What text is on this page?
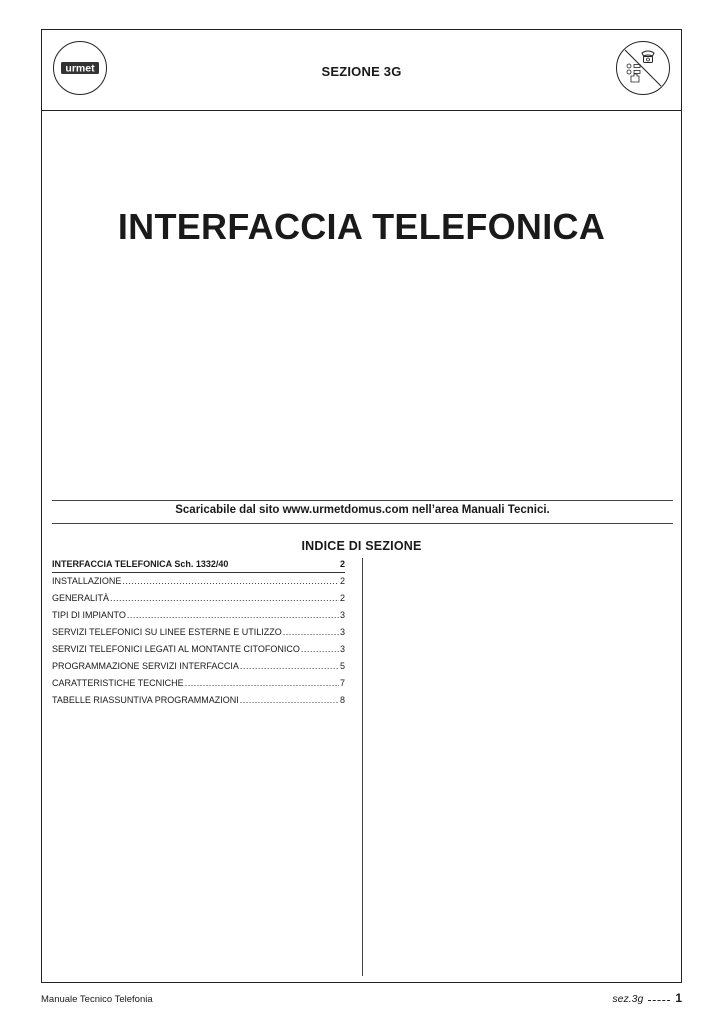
urmet	SEZIONE 3G
INTERFACCIA TELEFONICA
Scaricabile dal sito www.urmetdomus.com nell’area Manuali Tecnici.
INDICE DI SEZIONE
INTERFACCIA TELEFONICA Sch. 1332/40	2
INSTALLAZIONE .....	2
GENERALITÀ .....	2
TIPI DI IMPIANTO .....	3
SERVIZI TELEFONICI SU LINEE ESTERNE E UTILIZZO .....	3
SERVIZI TELEFONICI LEGATI AL MONTANTE CITOFONICO .....	3
PROGRAMMAZIONE SERVIZI INTERFACCIA .....	5
CARATTERISTICHE TECNICHE .....	7
TABELLE RIASSUNTIVA PROGRAMMAZIONI .....	8
Manuale Tecnico Telefonia	sez.3g	1
